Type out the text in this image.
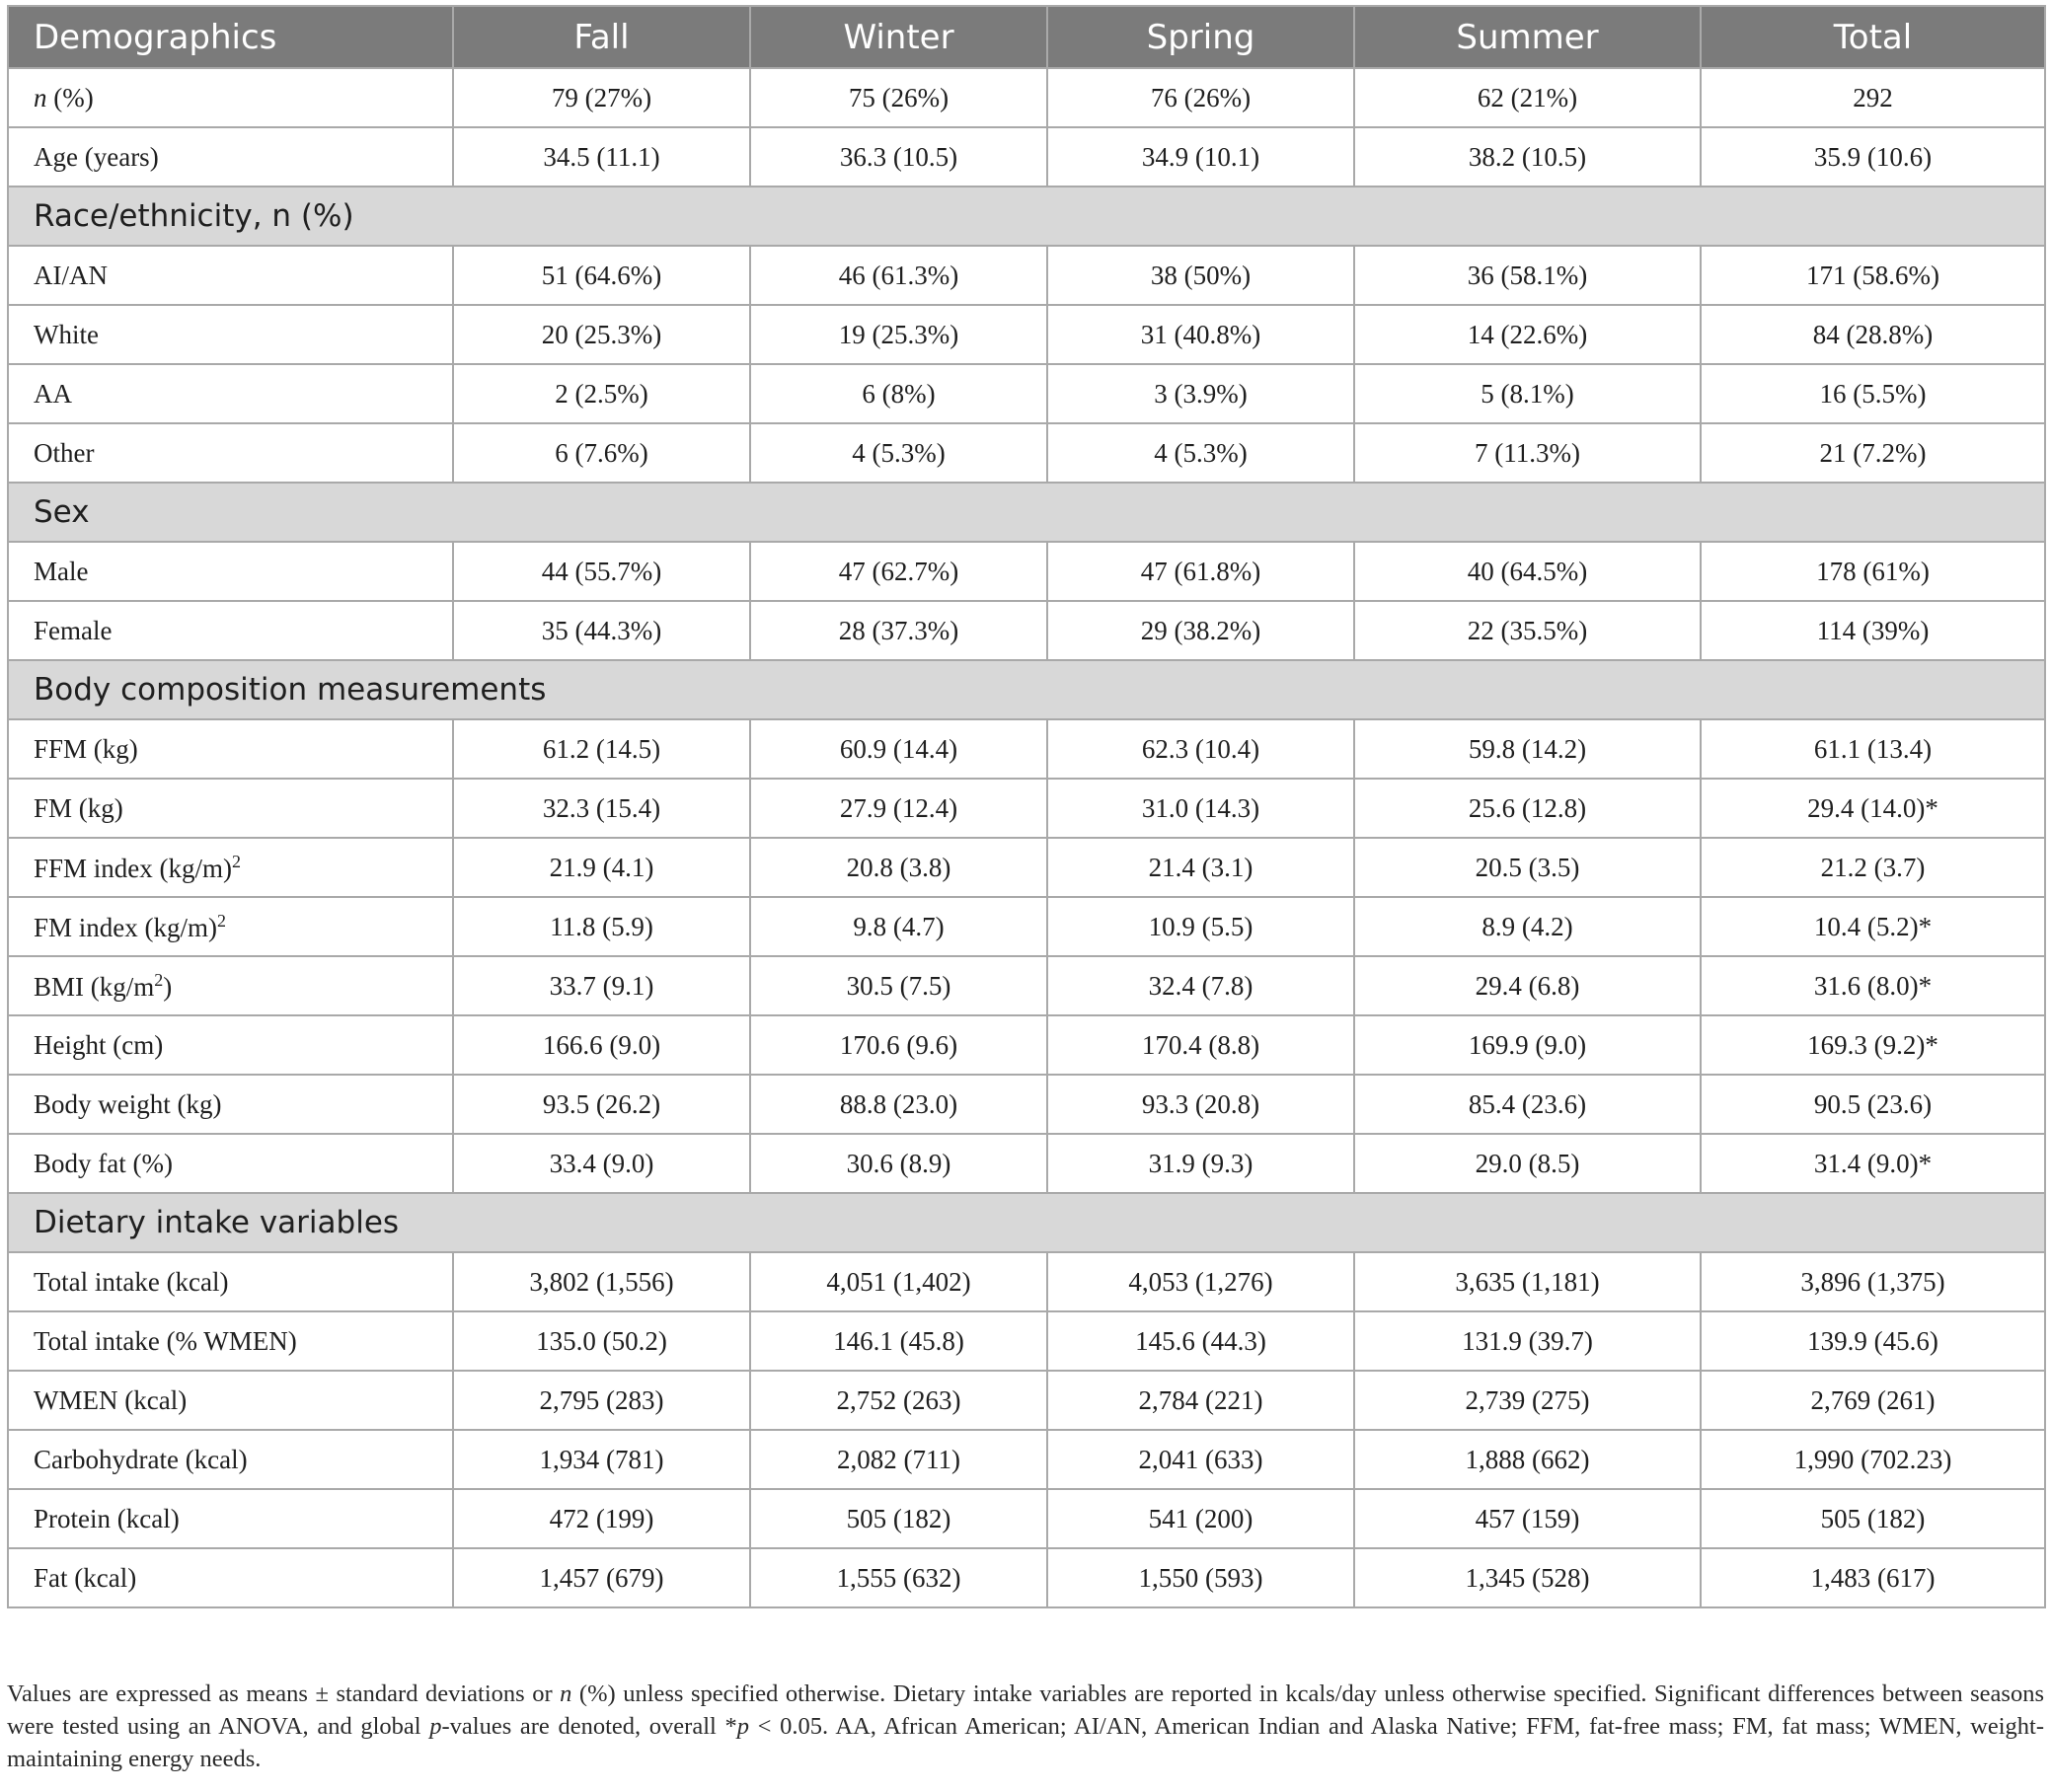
Demographics	Fall	Winter	Spring	Summer	Total
n (%)	79 (27%)	75 (26%)	76 (26%)	62 (21%)	292
Age (years)	34.5 (11.1)	36.3 (10.5)	34.9 (10.1)	38.2 (10.5)	35.9 (10.6)
Race/ethnicity, n (%)					
AI/AN	51 (64.6%)	46 (61.3%)	38 (50%)	36 (58.1%)	171 (58.6%)
White	20 (25.3%)	19 (25.3%)	31 (40.8%)	14 (22.6%)	84 (28.8%)
AA	2 (2.5%)	6 (8%)	3 (3.9%)	5 (8.1%)	16 (5.5%)
Other	6 (7.6%)	4 (5.3%)	4 (5.3%)	7 (11.3%)	21 (7.2%)
Sex					
Male	44 (55.7%)	47 (62.7%)	47 (61.8%)	40 (64.5%)	178 (61%)
Female	35 (44.3%)	28 (37.3%)	29 (38.2%)	22 (35.5%)	114 (39%)
Body composition measurements					
FFM (kg)	61.2 (14.5)	60.9 (14.4)	62.3 (10.4)	59.8 (14.2)	61.1 (13.4)
FM (kg)	32.3 (15.4)	27.9 (12.4)	31.0 (14.3)	25.6 (12.8)	29.4 (14.0)*
FFM index $(kg/m)^2$	21.9 (4.1)	20.8 (3.8)	21.4 (3.1)	20.5 (3.5)	21.2 (3.7)
FM index $(kg/m)^2$	11.8 (5.9)	9.8 (4.7)	10.9 (5.5)	8.9 (4.2)	10.4 (5.2)*
BMI $(kg/m^2)$	33.7 (9.1)	30.5 (7.5)	32.4 (7.8)	29.4 (6.8)	31.6 (8.0)*
Height (cm)	166.6 (9.0)	170.6 (9.6)	170.4 (8.8)	169.9 (9.0)	169.3 (9.2)*
Body weight (kg)	93.5 (26.2)	88.8 (23.0)	93.3 (20.8)	85.4 (23.6)	90.5 (23.6)
Body fat (%)	33.4 (9.0)	30.6 (8.9)	31.9 (9.3)	29.0 (8.5)	31.4 (9.0)*
Dietary intake variables					
Total intake (kcal)	3,802 (1,556)	4,051 (1,402)	4,053 (1,276)	3,635 (1,181)	3,896 (1,375)
Total intake (% WMEN)	135.0 (50.2)	146.1 (45.8)	145.6 (44.3)	131.9 (39.7)	139.9 (45.6)
WMEN (kcal)	2,795 (283)	2,752 (263)	2,784 (221)	2,739 (275)	2,769 (261)
Carbohydrate (kcal)	1,934 (781)	2,082 (711)	2,041 (633)	1,888 (662)	1,990 (702.23)
Protein (kcal)	472 (199)	505 (182)	541 (200)	457 (159)	505 (182)
Fat (kcal)	1,457 (679)	1,555 (632)	1,550 (593)	1,345 (528)	1,483 (617)
Values are expressed as means ± standard deviations or n (%) unless specified otherwise. Dietary intake variables are reported in kcals/day unless otherwise specified. Significant differences between seasons were tested using an ANOVA, and global p-values are denoted, overall *p < 0.05. AA, African American; AI/AN, American Indian and Alaska Native; FFM, fat-free mass; FM, fat mass; WMEN, weight-maintaining energy needs.
